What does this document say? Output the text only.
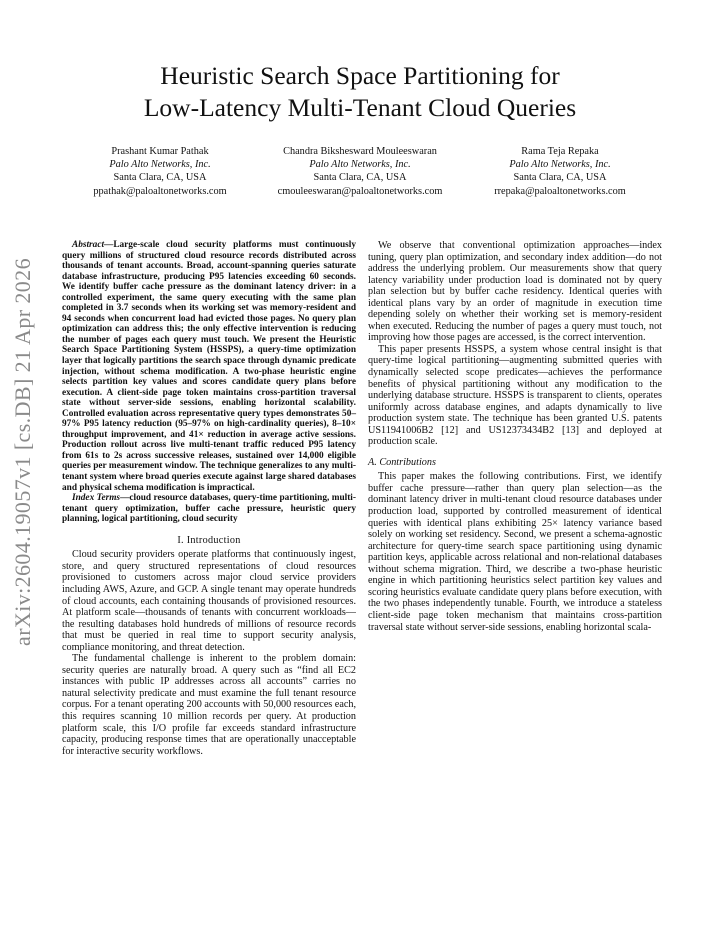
arXiv:2604.19057v1 [cs.DB] 21 Apr 2026
Heuristic Search Space Partitioning for
Low-Latency Multi-Tenant Cloud Queries
Prashant Kumar Pathak
Palo Alto Networks, Inc.
Santa Clara, CA, USA
ppathak@paloaltonetworks.com
Chandra Bikshesward Mouleeswaran
Palo Alto Networks, Inc.
Santa Clara, CA, USA
cmouleeswaran@paloaltonetworks.com
Rama Teja Repaka
Palo Alto Networks, Inc.
Santa Clara, CA, USA
rrepaka@paloaltonetworks.com

Abstract—Large-scale cloud security platforms must continuously query millions of structured cloud resource records distributed across thousands of tenant accounts. Broad, account-spanning queries saturate database infrastructure, producing P95 latencies exceeding 60 seconds. We identify buffer cache pressure as the dominant latency driver: in a controlled experiment, the same query executing with the same plan completed in 3.7 seconds when its working set was memory-resident and 94 seconds when concurrent load had evicted those pages. No query plan optimization can address this; the only effective intervention is reducing the number of pages each query must touch. We present the Heuristic Search Space Partitioning System (HSSPS), a query-time optimization layer that logically partitions the search space through dynamic predicate injection, without schema modification. A two-phase heuristic engine selects partition key values and scores candidate query plans before execution. A client-side page token maintains cross-partition traversal state without server-side sessions, enabling horizontal scalability. Controlled evaluation across representative query types demonstrates 50–97% P95 latency reduction (95–97% on high-cardinality queries), 8–10× throughput improvement, and 41× reduction in average active sessions. Production rollout across live multi-tenant traffic reduced P95 latency from 61s to 2s across successive releases, sustained over 14,000 eligible queries per measurement window. The technique generalizes to any multi-tenant system where broad queries execute against large shared databases and physical schema modification is impractical.

Index Terms—cloud resource databases, query-time partitioning, multi-tenant query optimization, buffer cache pressure, heuristic query planning, logical partitioning, cloud security

I. Introduction

Cloud security providers operate platforms that continuously ingest, store, and query structured representations of cloud resources provisioned to customers across major cloud service providers including AWS, Azure, and GCP. A single tenant may operate hundreds of cloud accounts, each containing thousands of provisioned resources. At platform scale—thousands of tenants with concurrent workloads—the resulting databases hold hundreds of millions of resource records that must be queried in real time to support security analysis, compliance monitoring, and threat detection.

The fundamental challenge is inherent to the problem domain: security queries are naturally broad. A query such as “find all EC2 instances with public IP addresses across all accounts” carries no natural selectivity predicate and must examine the full tenant resource corpus. For a tenant operating 200 accounts with 50,000 resources each, this requires scanning 10 million records per query. At production platform scale, this I/O profile far exceeds standard infrastructure capacity, producing response times that are operationally unacceptable for interactive security workflows.

We observe that conventional optimization approaches—index tuning, query plan optimization, and secondary index addition—do not address the underlying problem. Our measurements show that query latency variability under production load is dominated not by query plan selection but by buffer cache residency. Identical queries with identical plans vary by an order of magnitude in execution time depending solely on whether their working set is memory-resident when executed. Reducing the number of pages a query must touch, not improving how those pages are accessed, is the correct intervention.

This paper presents HSSPS, a system whose central insight is that query-time logical partitioning—augmenting submitted queries with dynamically selected scope predicates—achieves the performance benefits of physical partitioning without any modification to the underlying database structure. HSSPS is transparent to clients, operates uniformly across database engines, and adapts dynamically to live production system state. The technique has been granted U.S. patents US11941006B2 [12] and US12373434B2 [13] and deployed at production scale.

A. Contributions

This paper makes the following contributions. First, we identify buffer cache pressure—rather than query plan selection—as the dominant latency driver in multi-tenant cloud resource databases under production load, supported by controlled measurement of identical queries with identical plans exhibiting 25× latency variance based solely on working set residency. Second, we present a schema-agnostic architecture for query-time search space partitioning using dynamic partition keys, applicable across relational and non-relational databases without schema migration. Third, we describe a two-phase heuristic engine in which partitioning heuristics select partition key values and scoring heuristics evaluate candidate query plans before execution, with the two phases independently tunable. Fourth, we introduce a stateless client-side page token mechanism that maintains cross-partition traversal state without server-side sessions, enabling horizontal scala-
